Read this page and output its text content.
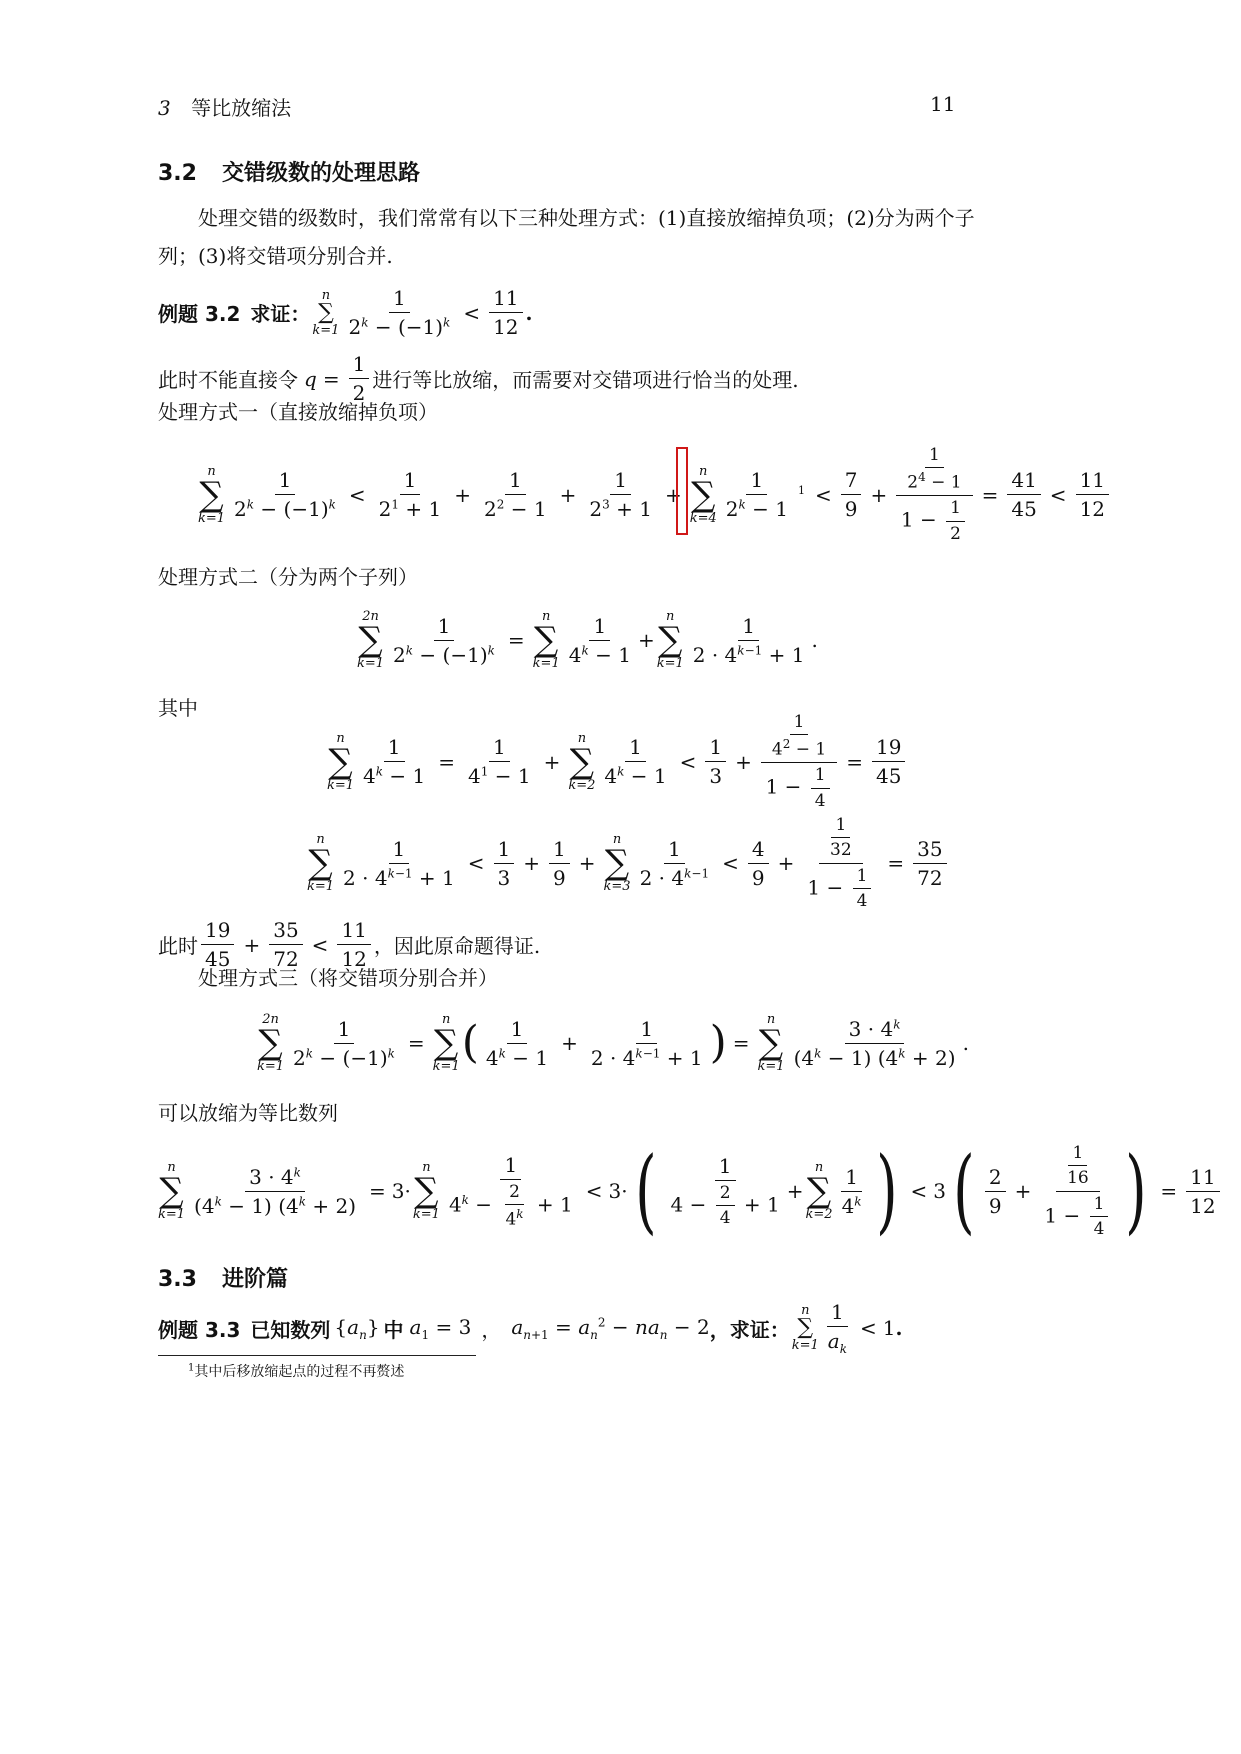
3 等比放缩法	11
3.2 交错级数的处理思路
处理交错的级数时，我们常常有以下三种处理方式：(1)直接放缩掉负项；(2)分为两个子
列；(3)将交错项分别合并.
例题 3.2 求证：
n
∑
$k=1 \frac{1}{2^k - (-1)^k} < \frac{11}{12}$ .
此时不能直接令 $q = \frac{1}{2}$ 进行等比放缩，而需要对交错项进行恰当的处理.
处理方式一（直接放缩掉负项）
n
∑
$k=1 \frac{1}{2^k - (-1)^k} < \frac{1}{2^1 + 1} + \frac{1}{2^2 - 1} + \frac{1}{2^3 + 1}$ +
n
∑
$k=4 \frac{1}{2^k - 1} 1 < \frac{7}{9} + \frac{\frac{1}{2^4 - 1}}{1 - \frac{1}{2}} = \frac{41}{45} < \frac{11}{12}$
处理方式二（分为两个子列）
2n
∑
$k=1 \frac{1}{2^k - (-1)^k}$ =
n
∑
$k=1 \frac{1}{4^k - 1}$ +
n
∑
$k=1 \frac{1}{2 \cdot 4^{k-1} + 1}$ .
其中
n
∑
$k=1 \frac{1}{4^k - 1} = \frac{1}{4^1 - 1}$ +
n
∑
$k=2 \frac{1}{4^k - 1} < \frac{1}{3} + \frac{\frac{1}{4^2 - 1}}{1 - \frac{1}{4}} = \frac{19}{45}$
n
∑
$k=1 \frac{1}{2 \cdot 4^{k-1} + 1} < \frac{1}{3} + \frac{1}{9}$ +
n
∑
$k=3 \frac{1}{2 \cdot 4^{k-1}} < \frac{4}{9} + \frac{\frac{1}{32}}{1 - \frac{1}{4}} = \frac{35}{72}$
此时 $\frac{19}{45} + \frac{35}{72} < \frac{11}{12}$ ，因此原命题得证.
处理方式三（将交错项分别合并）
2n
∑
$k=1 \frac{1}{2^k - (-1)^k}$ =
n
∑
k=1 ( $\frac{1}{4^k - 1} + \frac{1}{2 \cdot 4^{k-1} + 1}$ ) =
n
∑
$k=1 \frac{3 \cdot 4^k}{(4^k - 1) (4^k + 2)}$ .
可以放缩为等比数列
n
∑
$k=1 \frac{3 \cdot 4^k}{(4^k - 1) (4^k + 2)} = 3\cdot$
n
∑
$k=1 \frac{1}{4^k - \frac{2}{4^k} + 1} < 3\cdot$ ( $\frac{1}{4 - \frac{2}{4} + 1}$ +
n
∑
$k=2 \frac{1}{4^k}$ ) < 3 ( $\frac{2}{9} + \frac{\frac{1}{16}}{1 - \frac{1}{4}}$ ) = $\frac{11}{12}$
3.3 进阶篇
例题 3.3 已知数列 $\{a_n\}$ 中 $a_1 = 3$ ， $a_{n+1} = a_n^2 - na_n - 2$ ，求证：
n
∑
$k=1 \frac{1}{a_k} < 1$ .
$^1$其中后移放缩起点的过程不再赘述
